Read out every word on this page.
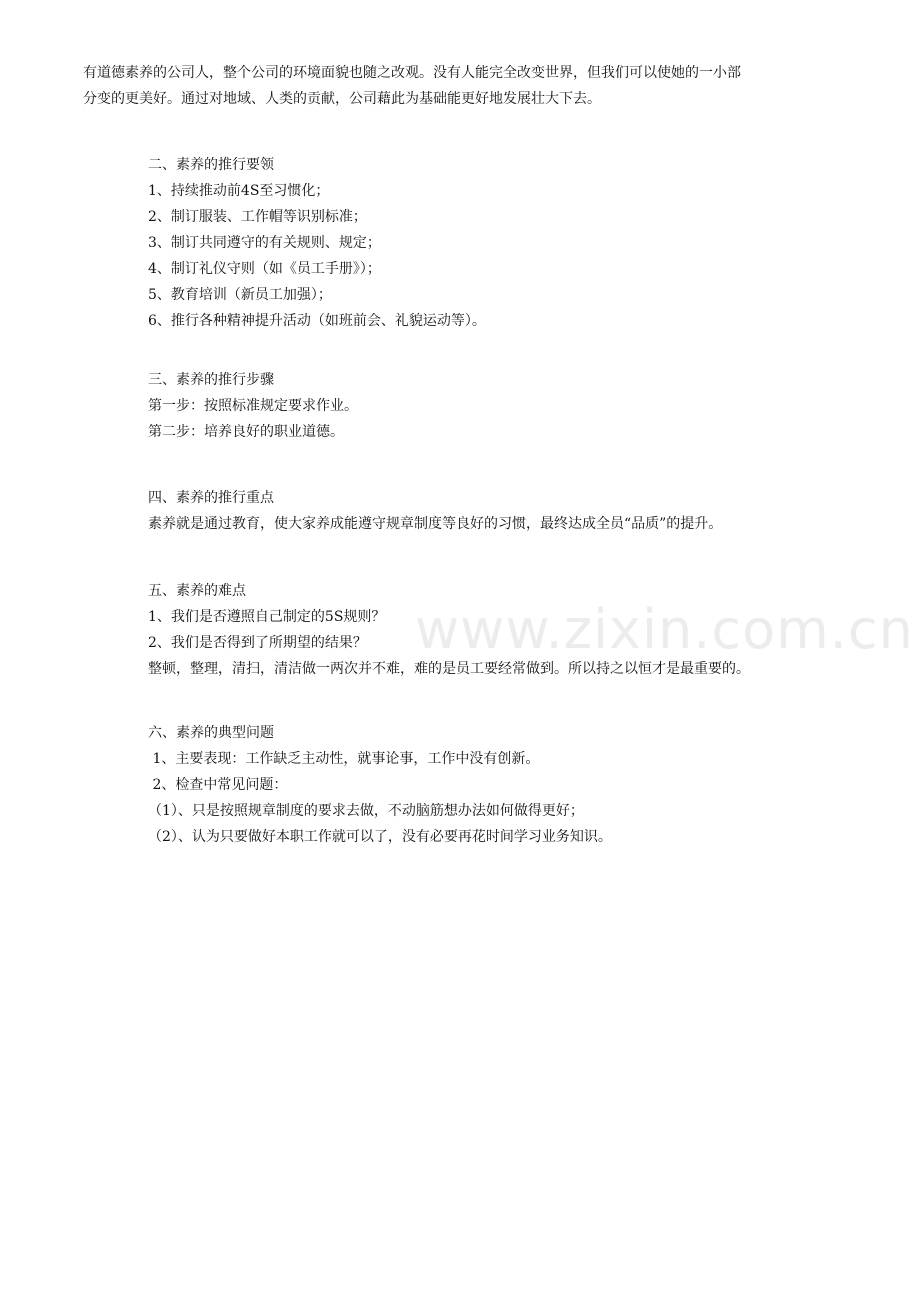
有道德素养的公司人，整个公司的环境面貌也随之改观。没有人能完全改变世界，但我们可以使她的一小部

分变的更美好。通过对地域、人类的贡献，公司藉此为基础能更好地发展壮大下去。

二、素养的推行要领

1、持续推动前4S至习惯化；

2、制订服装、工作帽等识别标准；

3、制订共同遵守的有关规则、规定；

4、制订礼仪守则（如《员工手册》）；

5、教育培训（新员工加强）；

6、推行各种精神提升活动（如班前会、礼貌运动等）。

三、素养的推行步骤

第一步：按照标准规定要求作业。

第二步：培养良好的职业道德。

四、素养的推行重点

素养就是通过教育，使大家养成能遵守规章制度等良好的习惯，最终达成全员“品质”的提升。

五、素养的难点

1、我们是否遵照自己制定的5S规则？

2、我们是否得到了所期望的结果？

整顿，整理，清扫，清洁做一两次并不难，难的是员工要经常做到。所以持之以恒才是最重要的。

六、素养的典型问题

1、主要表现：工作缺乏主动性，就事论事，工作中没有创新。

2、检查中常见问题：

（1）、只是按照规章制度的要求去做，不动脑筋想办法如何做得更好；

（2）、认为只要做好本职工作就可以了，没有必要再花时间学习业务知识。

www.zixin.com.cn
